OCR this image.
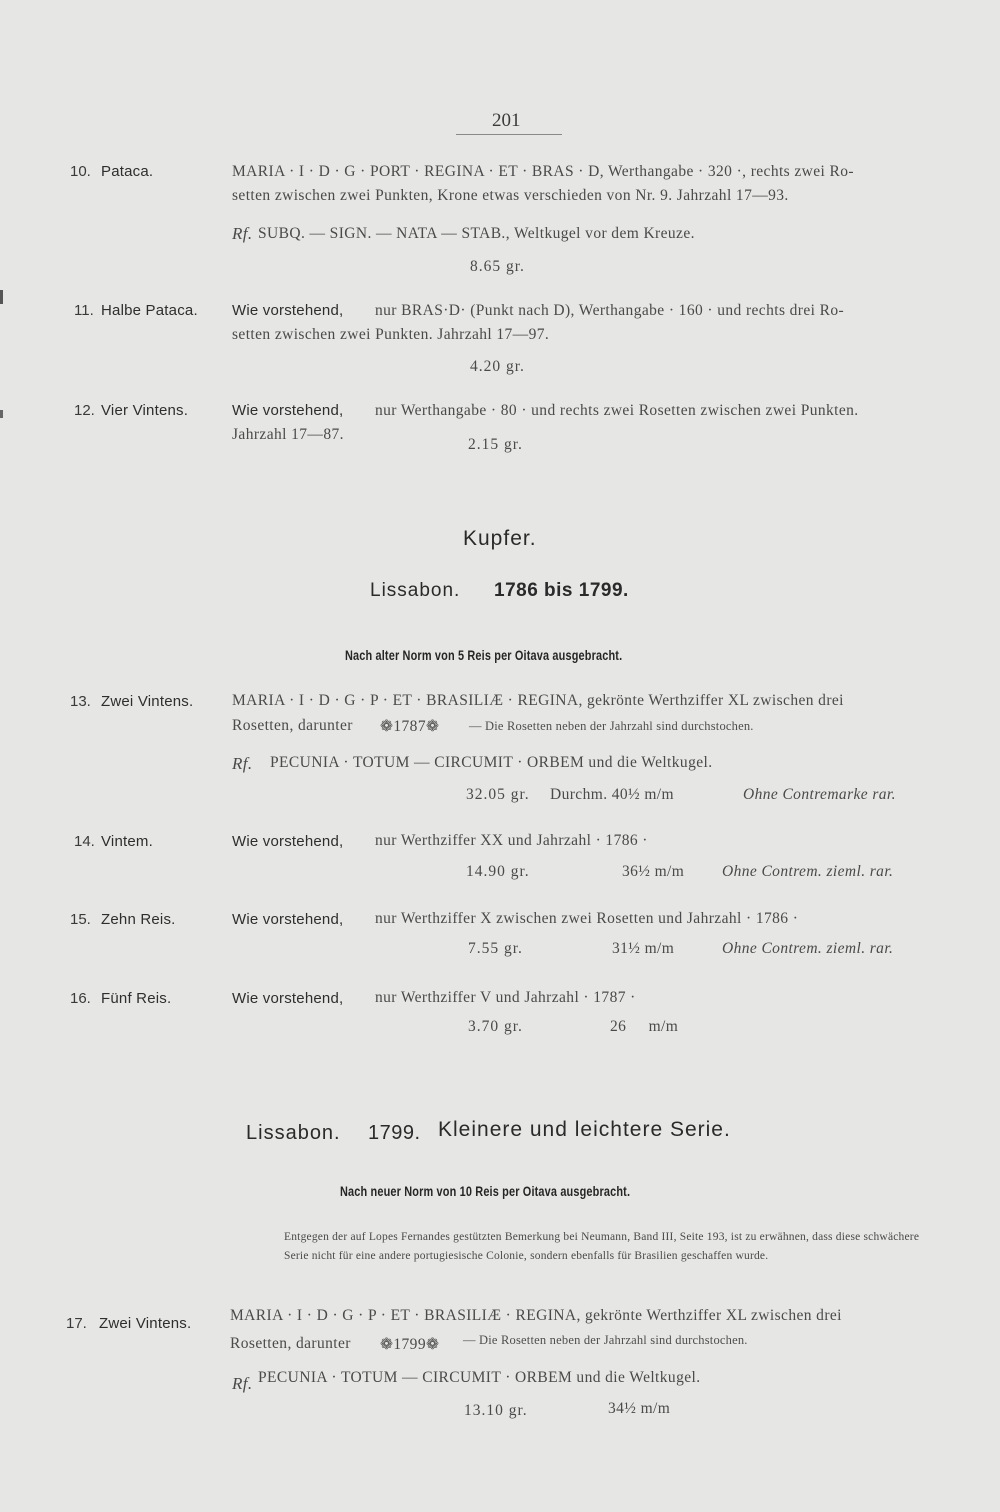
201
10. Pataca.	MARIA · I · D · G · PORT · REGINA · ET · BRAS · D, Werthangabe · 320 ·, rechts zwei Ro-
setten zwischen zwei Punkten, Krone etwas verschieden von Nr. 9. Jahrzahl 17—93.
Rf. SUBQ. — SIGN. — NATA — STAB., Weltkugel vor dem Kreuze.
8.65 gr.
11. Halbe Pataca. Wie vorstehend, nur BRAS·D· (Punkt nach D), Werthangabe · 160 · und rechts drei Ro-
setten zwischen zwei Punkten. Jahrzahl 17—97.
4.20 gr.
12. Vier Vintens.	Wie vorstehend, nur Werthangabe · 80 · und rechts zwei Rosetten zwischen zwei Punkten.
Jahrzahl 17—87.
2.15 gr.
Kupfer.
Lissabon. 1786 bis 1799.
Nach alter Norm von 5 Reis per Oitava ausgebracht.
13. Zwei Vintens. MARIA · I · D · G · P · ET · BRASILIÆ · REGINA, gekrönte Werthziffer XL zwischen drei
Rosetten, darunter ❁1787❁ — Die Rosetten neben der Jahrzahl sind durchstochen.
Rf. PECUNIA · TOTUM — CIRCUMIT · ORBEM und die Weltkugel.
32.05 gr. Durchm. 40½ m/m	Ohne Contremarke rar.
14. Vintem.	Wie vorstehend, nur Werthziffer XX und Jahrzahl · 1786 ·
14.90 gr.	36½ m/m Ohne Contrem. zieml. rar.
15. Zehn Reis.	Wie vorstehend, nur Werthziffer X zwischen zwei Rosetten und Jahrzahl · 1786 ·
7.55 gr.	31½ m/m	Ohne Contrem. zieml. rar.
16. Fünf Reis.	Wie vorstehend, nur Werthziffer V und Jahrzahl · 1787 ·
3.70 gr.	26 m/m
Lissabon. 1799. Kleinere und leichtere Serie.
Nach neuer Norm von 10 Reis per Oitava ausgebracht.
Entgegen der auf Lopes Fernandes gestützten Bemerkung bei Neumann, Band III, Seite 193, ist zu erwähnen, dass diese schwächere Serie nicht für eine andere portugiesische Colonie, sondern ebenfalls für Brasilien geschaffen wurde.
17. Zwei Vintens. MARIA · I · D · G · P · ET · BRASILIÆ · REGINA, gekrönte Werthziffer XL zwischen drei
Rosetten, darunter ❁1799❁ — Die Rosetten neben der Jahrzahl sind durchstochen.
Rf. PECUNIA · TOTUM — CIRCUMIT · ORBEM und die Weltkugel.
13.10 gr.	34½ m/m
